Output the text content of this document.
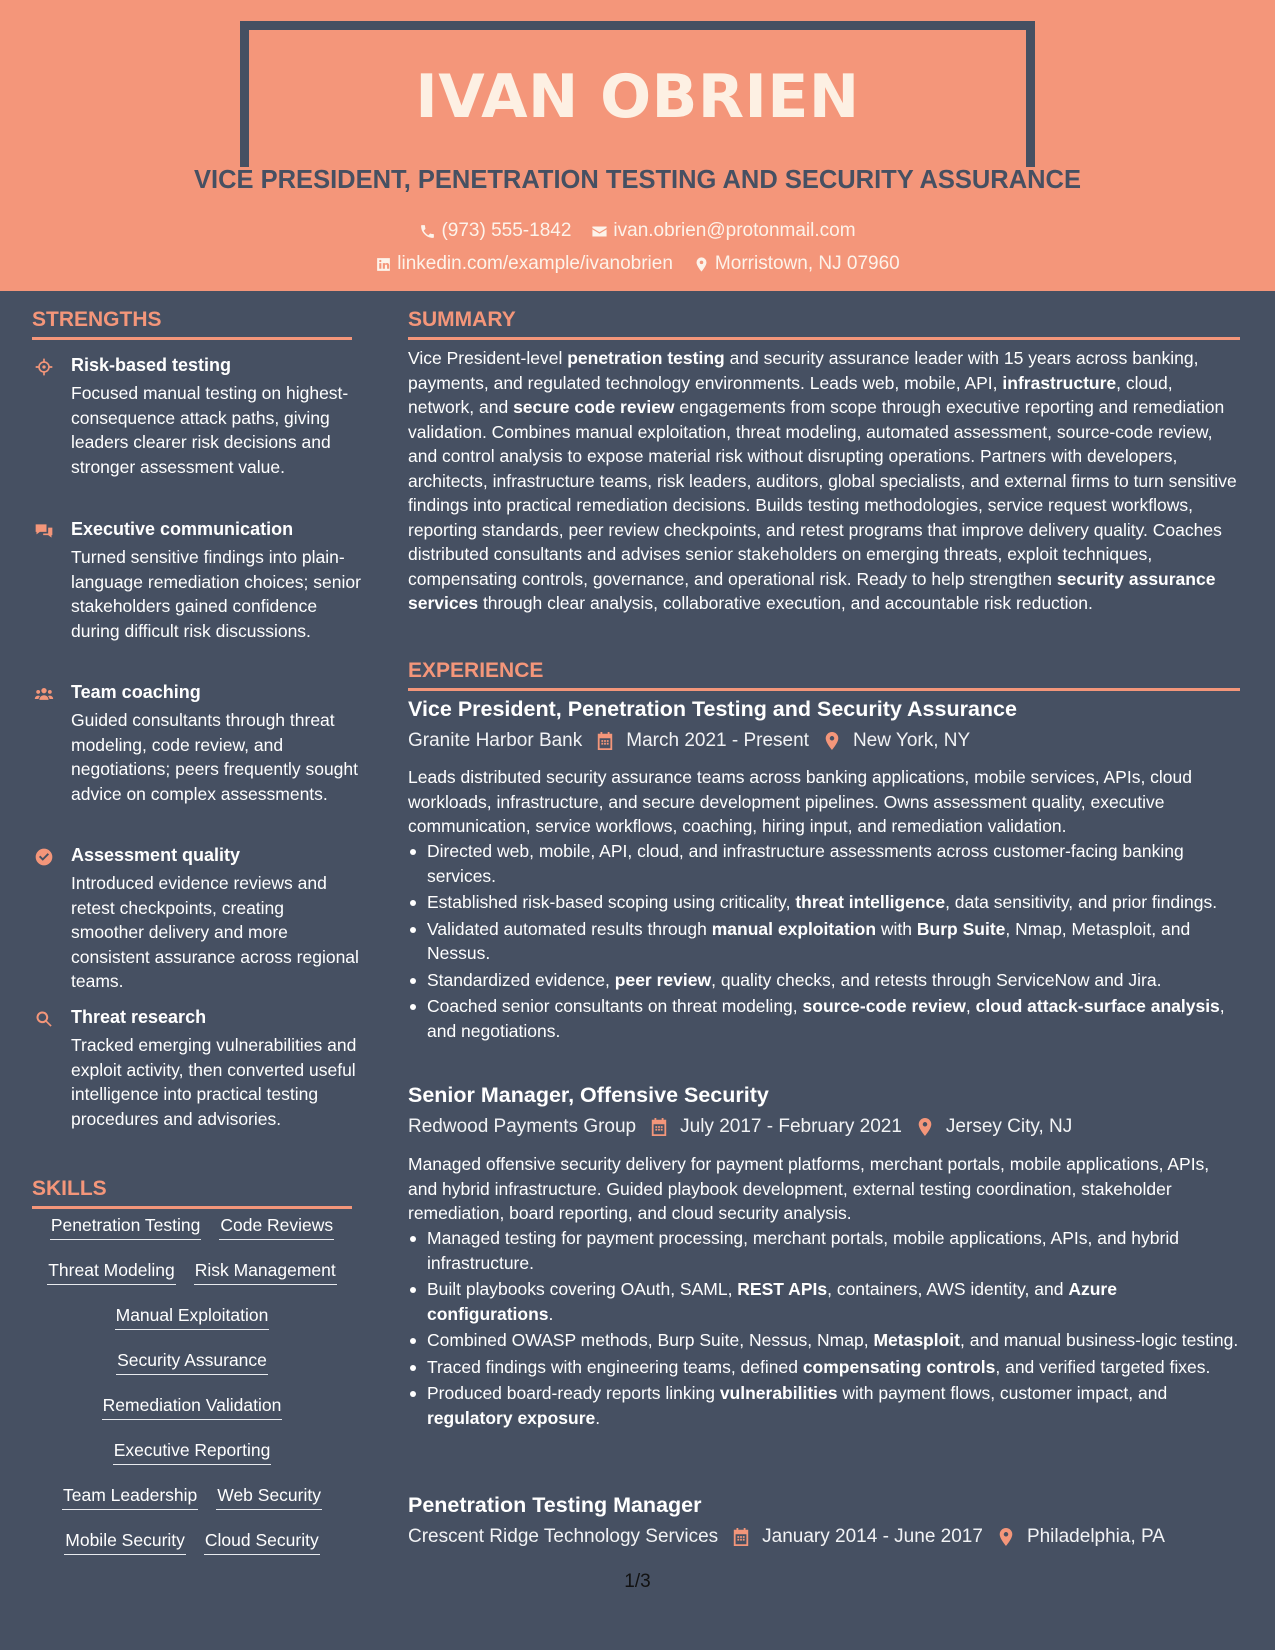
IVAN OBRIEN
VICE PRESIDENT, PENETRATION TESTING AND SECURITY ASSURANCE
(973) 555-1842 ivan.obrien@protonmail.com
linkedin.com/example/ivanobrien Morristown, NJ 07960
STRENGTHS
Risk-based testing
Focused manual testing on highest-consequence attack paths, giving leaders clearer risk decisions and stronger assessment value.
Executive communication
Turned sensitive findings into plain-language remediation choices; senior stakeholders gained confidence during difficult risk discussions.
Team coaching
Guided consultants through threat modeling, code review, and negotiations; peers frequently sought advice on complex assessments.
Assessment quality
Introduced evidence reviews and retest checkpoints, creating smoother delivery and more consistent assurance across regional teams.
Threat research
Tracked emerging vulnerabilities and exploit activity, then converted useful intelligence into practical testing procedures and advisories.
SKILLS
Penetration Testing Code Reviews
Threat Modeling Risk Management
Manual Exploitation
Security Assurance
Remediation Validation
Executive Reporting
Team Leadership Web Security
Mobile Security Cloud Security
SUMMARY
Vice President-level penetration testing and security assurance leader with 15 years across banking, payments, and regulated technology environments. Leads web, mobile, API, infrastructure, cloud, network, and secure code review engagements from scope through executive reporting and remediation validation. Combines manual exploitation, threat modeling, automated assessment, source-code review, and control analysis to expose material risk without disrupting operations. Partners with developers, architects, infrastructure teams, risk leaders, auditors, global specialists, and external firms to turn sensitive findings into practical remediation decisions. Builds testing methodologies, service request workflows, reporting standards, peer review checkpoints, and retest programs that improve delivery quality. Coaches distributed consultants and advises senior stakeholders on emerging threats, exploit techniques, compensating controls, governance, and operational risk. Ready to help strengthen security assurance services through clear analysis, collaborative execution, and accountable risk reduction.
EXPERIENCE
Vice President, Penetration Testing and Security Assurance
Granite Harbor Bank March 2021 - Present New York, NY
Leads distributed security assurance teams across banking applications, mobile services, APIs, cloud workloads, infrastructure, and secure development pipelines. Owns assessment quality, executive communication, service workflows, coaching, hiring input, and remediation validation.
Directed web, mobile, API, cloud, and infrastructure assessments across customer-facing banking services.
Established risk-based scoping using criticality, threat intelligence, data sensitivity, and prior findings.
Validated automated results through manual exploitation with Burp Suite, Nmap, Metasploit, and Nessus.
Standardized evidence, peer review, quality checks, and retests through ServiceNow and Jira.
Coached senior consultants on threat modeling, source-code review, cloud attack-surface analysis, and negotiations.
Senior Manager, Offensive Security
Redwood Payments Group July 2017 - February 2021 Jersey City, NJ
Managed offensive security delivery for payment platforms, merchant portals, mobile applications, APIs, and hybrid infrastructure. Guided playbook development, external testing coordination, stakeholder remediation, board reporting, and cloud security analysis.
Managed testing for payment processing, merchant portals, mobile applications, APIs, and hybrid infrastructure.
Built playbooks covering OAuth, SAML, REST APIs, containers, AWS identity, and Azure configurations.
Combined OWASP methods, Burp Suite, Nessus, Nmap, Metasploit, and manual business-logic testing.
Traced findings with engineering teams, defined compensating controls, and verified targeted fixes.
Produced board-ready reports linking vulnerabilities with payment flows, customer impact, and regulatory exposure.
Penetration Testing Manager
Crescent Ridge Technology Services January 2014 - June 2017 Philadelphia, PA
1/3
